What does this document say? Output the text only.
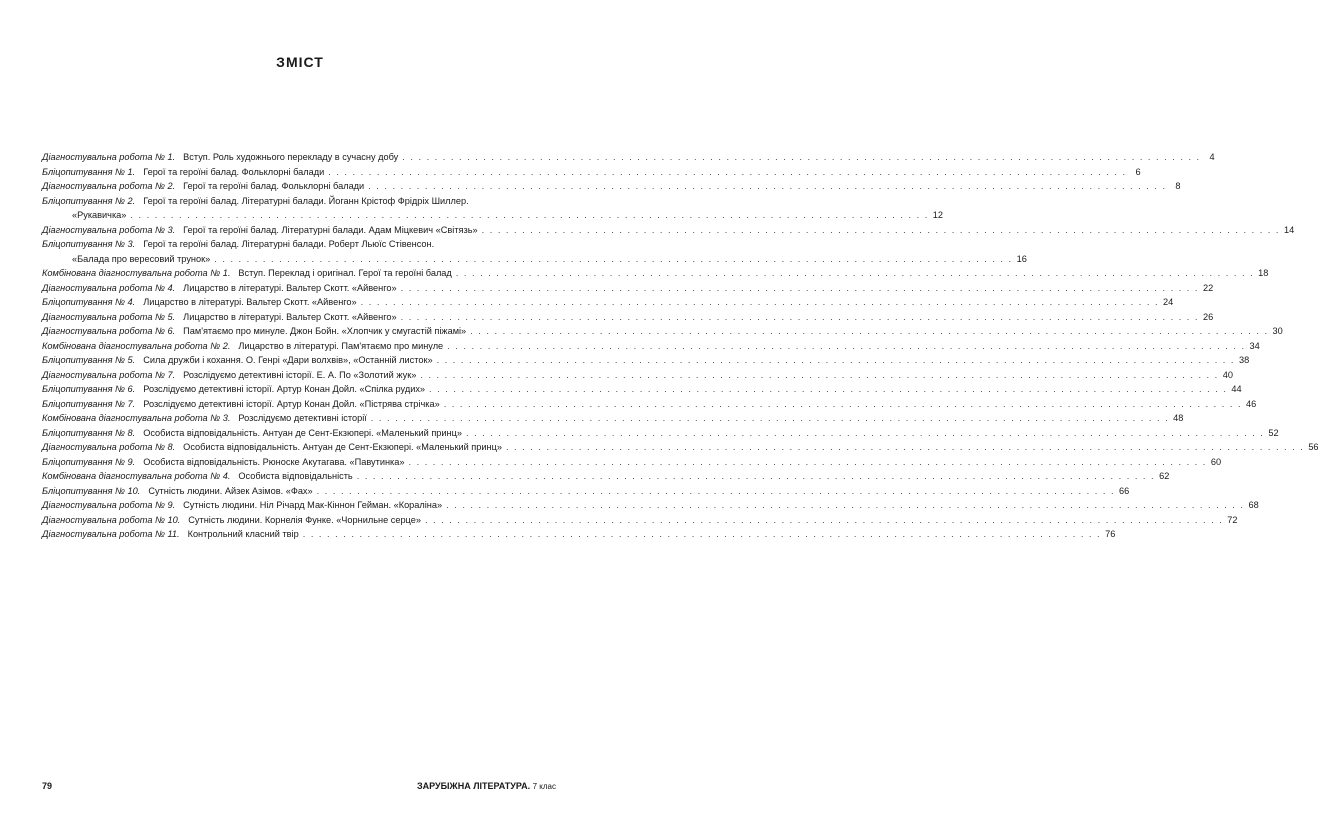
ЗМІСТ
Діагностувальна робота № 1. Вступ. Роль художнього перекладу в сучасну добу . . .	4
Бліцопитування № 1. Герої та героїні балад. Фольклорні балади . . .	6
Діагностувальна робота № 2. Герої та героїні балад. Фольклорні балади . . .	8
Бліцопитування № 2. Герої та героїні балад. Літературні балади. Йоганн Крістоф Фрідріх Шиллер.
«Рукавичка» . . .	12
Діагностувальна робота № 3. Герої та героїні балад. Літературні балади. Адам Міцкевич «Світязь» . . .	14
Бліцопитування № 3. Герої та героїні балад. Літературні балади. Роберт Льюїс Стівенсон.
«Балада про вересовий трунок» . . .	16
Комбінована діагностувальна робота № 1. Вступ. Переклад і оригінал. Герої та героїні балад . . .	18
Діагностувальна робота № 4. Лицарство в літературі. Вальтер Скотт. «Айвенго» . . .	22
Бліцопитування № 4. Лицарство в літературі. Вальтер Скотт. «Айвенго» . . .	24
Діагностувальна робота № 5. Лицарство в літературі. Вальтер Скотт. «Айвенго» . . .	26
Діагностувальна робота № 6. Пам'ятаємо про минуле. Джон Бойн. «Хлопчик у смугастій піжамі» . . .	30
Комбінована діагностувальна робота № 2. Лицарство в літературі. Пам'ятаємо про минуле . . .	34
Бліцопитування № 5. Сила дружби і кохання. О. Генрі «Дари волхвів», «Останній листок» . . .	38
Діагностувальна робота № 7. Розслідуємо детективні історії. Е. А. По «Золотий жук» . . .	40
Бліцопитування № 6. Розслідуємо детективні історії. Артур Конан Дойл. «Спілка рудих» . . .	44
Бліцопитування № 7. Розслідуємо детективні історії. Артур Конан Дойл. «Пістрява стрічка» . . .	46
Комбінована діагностувальна робота № 3. Розслідуємо детективні історії . . .	48
Бліцопитування № 8. Особиста відповідальність. Антуан де Сент-Екзюпері. «Маленький принц» . . .	52
Діагностувальна робота № 8. Особиста відповідальність. Антуан де Сент-Екзюпері. «Маленький принц» . . .	56
Бліцопитування № 9. Особиста відповідальність. Рюноске Акутагава. «Павутинка» . . .	60
Комбінована діагностувальна робота № 4. Особиста відповідальність . . .	62
Бліцопитування № 10. Сутність людини. Айзек Азімов. «Фах» . . .	66
Діагностувальна робота № 9. Сутність людини. Ніл Річард Мак-Кіннон Гейман. «Кораліна» . . .	68
Діагностувальна робота № 10. Сутність людини. Корнелія Функе. «Чорнильне серце» . . .	72
Діагностувальна робота № 11. Контрольний класний твір . . .	76
79	ЗАРУБІЖНА ЛІТЕРАТУРА. 7 клас
